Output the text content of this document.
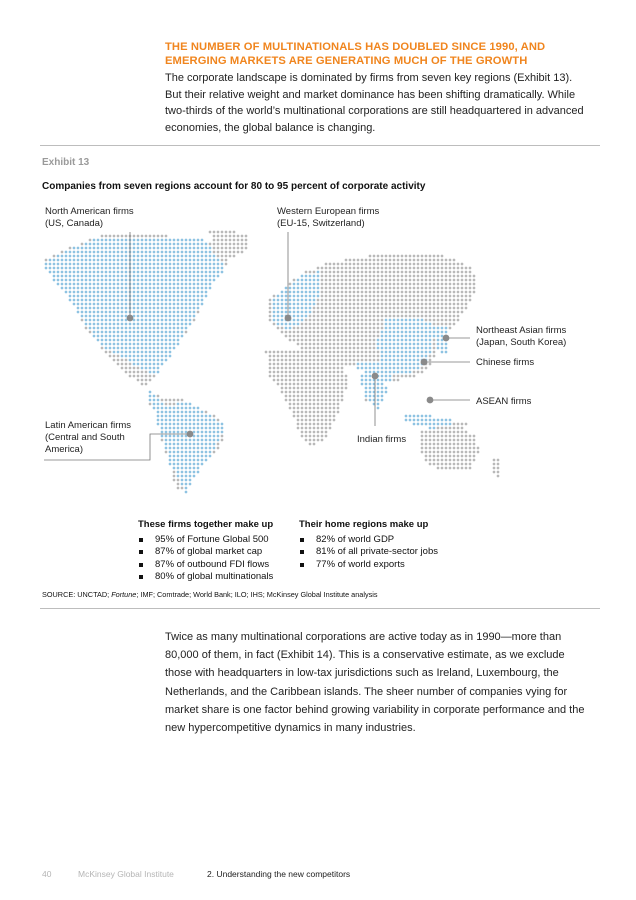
THE NUMBER OF MULTINATIONALS HAS DOUBLED SINCE 1990, AND EMERGING MARKETS ARE GENERATING MUCH OF THE GROWTH
The corporate landscape is dominated by firms from seven key regions (Exhibit 13). But their relative weight and market dominance has been shifting dramatically. While two-thirds of the world’s multinational corporations are still headquartered in advanced economies, the global balance is changing.
Exhibit 13
Companies from seven regions account for 80 to 95 percent of corporate activity
North American firms
(US, Canada)
Western European firms
(EU-15, Switzerland)
Northeast Asian firms
(Japan, South Korea)
Chinese firms
ASEAN firms
Indian firms
Latin American firms
(Central and South
America)
These firms together make up
95% of Fortune Global 500
87% of global market cap
87% of outbound FDI flows
80% of global multinationals
Their home regions make up
82% of world GDP
81% of all private-sector jobs
77% of world exports
SOURCE: UNCTAD; Fortune; IMF; Comtrade; World Bank; ILO; IHS; McKinsey Global Institute analysis
Twice as many multinational corporations are active today as in 1990—more than 80,000 of them, in fact (Exhibit 14). This is a conservative estimate, as we exclude those with headquarters in low-tax jurisdictions such as Ireland, Luxembourg, the Netherlands, and the Caribbean islands. The sheer number of companies vying for market share is one factor behind growing variability in corporate performance and the new hypercompetitive dynamics in many industries.
40	McKinsey Global Institute	2. Understanding the new competitors
